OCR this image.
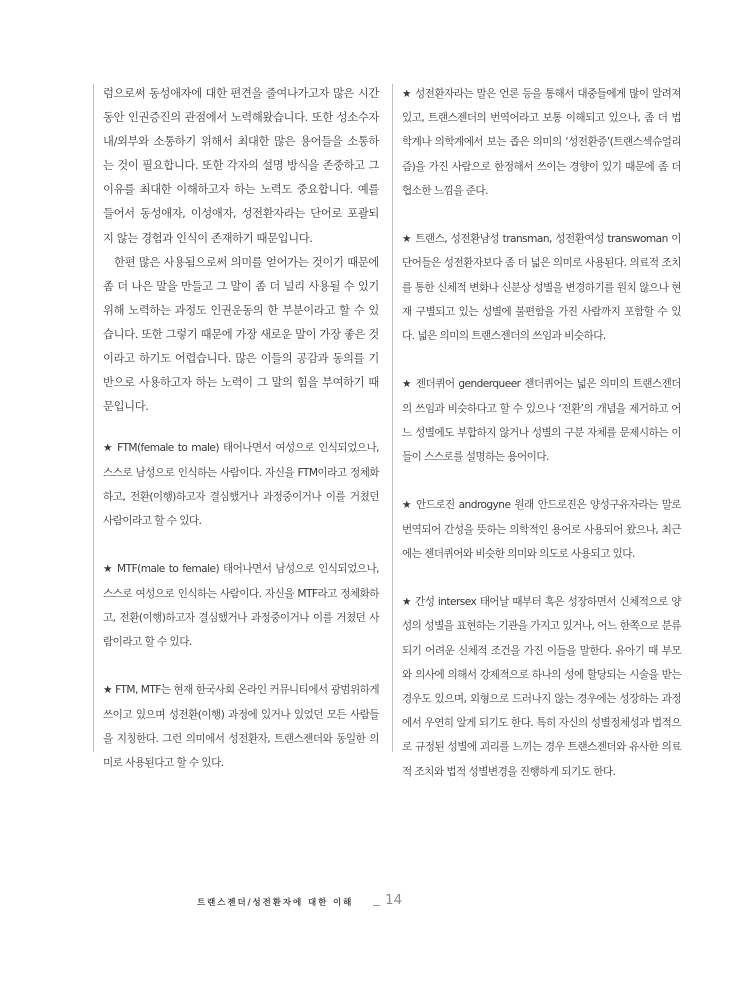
럼으로써 동성애자에 대한 편견을 줄여나가고자 많은 시간동안 인권증진의 관점에서 노력해왔습니다. 또한 성소수자 내/외부와 소통하기 위해서 최대한 많은 용어들을 소통하는 것이 필요합니다. 또한 각자의 설명 방식을 존중하고 그 이유를 최대한 이해하고자 하는 노력도 중요합니다. 예를 들어서 동성애자, 이성애자, 성전환자라는 단어로 포괄되지 않는 경험과 인식이 존재하기 때문입니다.

한편 많은 사용됨으로써 의미를 얻어가는 것이기 때문에 좀 더 나은 말을 만들고 그 말이 좀 더 널리 사용될 수 있기 위해 노력하는 과정도 인권운동의 한 부분이라고 할 수 있습니다. 또한 그렇기 때문에 가장 새로운 말이 가장 좋은 것이라고 하기도 어렵습니다. 많은 이들의 공감과 동의를 기반으로 사용하고자 하는 노력이 그 말의 힘을 부여하기 때문입니다.

★ FTM(female to male) 태어나면서 여성으로 인식되었으나, 스스로 남성으로 인식하는 사람이다. 자신을 FTM이라고 정체화하고, 전환(이행)하고자 결심했거나 과정중이거나 이를 거쳤던 사람이라고 할 수 있다.

★ MTF(male to female) 태어나면서 남성으로 인식되었으나, 스스로 여성으로 인식하는 사람이다. 자신을 MTF라고 정체화하고, 전환(이행)하고자 결심했거나 과정중이거나 이를 거쳤던 사람이라고 할 수 있다.

★ FTM, MTF는 현재 한국사회 온라인 커뮤니티에서 광범위하게 쓰이고 있으며 성전환(이행) 과정에 있거나 있었던 모든 사람들을 지칭한다. 그런 의미에서 성전환자, 트랜스젠더와 동일한 의미로 사용된다고 할 수 있다.

★ 성전환자라는 말은 언론 등을 통해서 대중들에게 많이 알려져 있고, 트랜스젠더의 번역어라고 보통 이해되고 있으나, 좀 더 법학계나 의학계에서 보는 좁은 의미의 ‘성전환증’(트랜스섹슈얼리즘)을 가진 사람으로 한정해서 쓰이는 경향이 있기 때문에 좀 더 협소한 느낌을 준다.

★ 트랜스, 성전환남성 transman, 성전환여성 transwoman 이 단어들은 성전환자보다 좀 더 넓은 의미로 사용된다. 의료적 조치를 통한 신체적 변화나 신분상 성별을 변경하기를 원치 않으나 현재 구별되고 있는 성별에 불편함을 가진 사람까지 포함할 수 있다. 넓은 의미의 트랜스젠더의 쓰임과 비슷하다.

★ 젠더퀴어 genderqueer 젠더퀴어는 넓은 의미의 트랜스젠더의 쓰임과 비슷하다고 할 수 있으나 ‘전환’의 개념을 제거하고 어느 성별에도 부합하지 않거나 성별의 구분 자체를 문제시하는 이들이 스스로를 설명하는 용어이다.

★ 안드로진 androgyne 원래 안드로진은 양성구유자라는 말로 번역되어 간성을 뜻하는 의학적인 용어로 사용되어 왔으나, 최근에는 젠더퀴어와 비슷한 의미와 의도로 사용되고 있다.

★ 간성 intersex 태어날 때부터 혹은 성장하면서 신체적으로 양성의 성별을 표현하는 기관을 가지고 있거나, 어느 한쪽으로 분류되기 어려운 신체적 조건을 가진 이들을 말한다. 유아기 때 부모와 의사에 의해서 강제적으로 하나의 성에 할당되는 시술을 받는 경우도 있으며, 외형으로 드러나지 않는 경우에는 성장하는 과정에서 우연히 알게 되기도 한다. 특히 자신의 성별정체성과 법적으로 규정된 성별에 괴리를 느끼는 경우 트랜스젠더와 유사한 의료적 조치와 법적 성별변경을 진행하게 되기도 한다.

트랜스젠더/성전환자에 대한 이해 14
